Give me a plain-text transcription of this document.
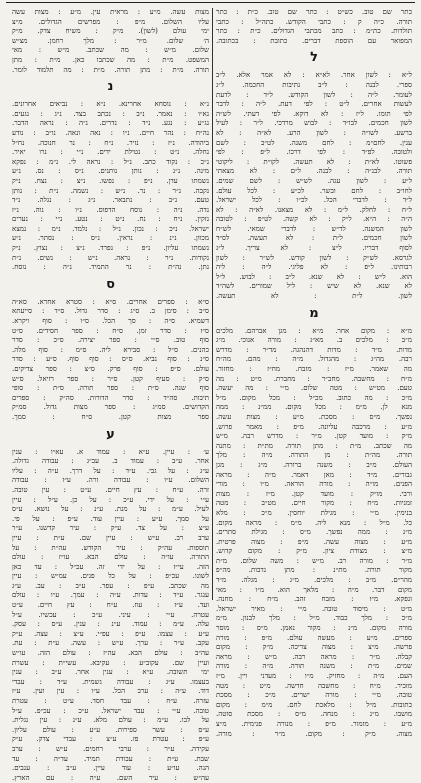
כתר שם טוב. כש״ט : כתר שם טוב. כ״ת : כתר
תורה. כ״ה ק : כתבי הקודש. כתה״ל : כתבי
תולדות. כת״מ : כתב מכתבי הגדולים. כ״ת : כתר
המפואר עם הוספת דברים. כתובת : בכתובה.
ל
ל״א : לשון אחר. לא״א : לא אמר אלא. ל״ב
ספרי. לבנה : ל״ב נתיבות החכמה. ל״ג
לעומר. ל״ה : לשון הקודש. ל״ד : לדעת
לעשות אחרים. ל״ט : לפי דעת. ל״ה : לדבר
לפי תומו. ל״ז : לא דוקא. לפי דעתי. לש״ה
לשון חכמים. לבו״ד : לבוש מרדכי. ל״ר : לעיל
ברשע. לשו״ה : לשון הרע. לא״ה : לא
ענין. לחם״מ : לחם משנה. לט״ב : לשם
ולטובה. לפ״ד : לפי דרכו. ל״פ : לפי
פשוטו. לא״ת : לא תעשה. לקו״ת : ליקוטי
תורה. לבנ״ה : לבנה. ל״ם : לא מצאתי
ל״ע : לשון עגה. לש״ש : לשם שמים.
לחו״ב : לחם ובשר. לכ״ע : לכל עולם.
ל״ד : לדברי הכל. לכ״ו : לכל ישראל.
ל״ח : לחלק. ל״מ : לא מצאנו. לא״ה : לא
ה״ה : ה״א. ל״ק : לא קשה. לט״פ : לטובה
לשון המשנה. לד״ש : לדברי שמאי. לש״ח
לשון חכמים. ל״ת : לא תעשה. לס״ד
לסוף דבריו. ל״צ : לא צריך. ל״ג
לגרסא. לש״ק : לשון קודש. לש״ר : לשון
רבותינו. ל״פ : לא פליגי. ל״ה : ליה
הוא. ל״ש : לא שנא. ל״ב : לבוש. ל״ל
לא שנא. לא שיש : ליל שמורים. לשה״ד
לשון. ל״ת : לא תעשה.
מ
מ״א : מקום אחר. מ״א : מגן אברהם. מלכים
מ״ב : מלכים ב. מא״ג : מורה אנוכי. מ״ג
מדות. מ״ד : מדות דהנהגה. מד״ר : מדרש
רבה. מה״ג : מהגדול. מ״ה : מהם. מה״ח
מה שאמר. מ״ז : מזבח. מח״ז : מחזור.
מ״ח : מחשבה. מחב״ר : מחברת. מ״ט : מה
טעם. מט״ש : מטה שלום. מ״י : מה יעשה.
מ״כ : מה כתוב. מכ״ל : מכל מקום. מ״ל
מנא לן. מ״מ : מכל מקום. ממ״נ : ממה
נפשך. מ״ס : מסכת. מ״ע : מצות עשה.
מ״ע : מרכבה עליונה. מ״פ : מאמר פרוש.
מ״ק : מועד קטן. מ״ר : מדרש רבה. מ״ש
מה שכתב. מ״ת : מתן תורה. מת״ת : מתנה
תורה. מה״ת : מן התורה. מ״ה : מלך
העולם. מ״ב : משנה ברורה. מ״ג : מגן
גבורים. מ״ד : מאן דאמר. מ״ה : מראה
הפנים. מו״ה : מורה הוראה. מ״ו : מורי
ורבי. מו״ק : מועד קטן. מ״ז : מצות
זמניות. מ״ח : מקור חיים. מט״ב : מטה
בנימין. מ״י : מגילת יוחסין. מ״כ : מלא
כל. מ״ל : מנא ליה. מ״מ : מראה מקום.
מ״נ : ממה נפשך. מ״ס : מגילת סתרים.
מ״ע : מצוה עשה. מ״פ : מצוה פרטית.
מ״צ : מצודת ציון. מ״ק : מקום קדוש.
מ״ר : מורה רב. מ״ש : משה שלום. מ״ת
מקור תורה. מת״נ : מתן נדבות. מה״פ
מהר״ם. מ״ב : מלכים. מ״ג : מגלה. מ״ד
מקום דבר. מ״ה : מלאך הוא. מ״ו : מאי
ונפקא. מ״ז : מזבח זהב. מ״ח : מחנה.
מ״ט : מיסוד טובה. מ״י : מאיר ישראל.
מ״כ : מלך כבוד. מ״ל : מלך לבנון. מ״מ
מורה מקום. מ״נ : מקור נאמן. מ״ס : מוסר
ספרים. מ״ע : מעשה עולם. מ״פ : מורה
פרשה. מ״צ : מצוה צריכה. מ״ק : מקום
קבלה. מ״ר : מראה רבה. מ״ש : מראה
שמים. מ״ת : משנה תורה. מ״ה : מורה
העם. מ״ה : מחזיק. מ״ו : מעדני ויין. מ״ז
מזכיר. מ״ח : מחשבה חדשה. מ״ט : מטה
טובה. מ״י : מורה ישרים. מ״כ : מסכת
כתובות. מ״ל : מלאכת לחם. מ״מ : מקום
מושבו. מ״נ : מנחה. מ״ס : מסכת סוטה.
מ״ע : מזמור. מ״פ : מנורה פנימית. מ״צ
מצוה. מ״ק : מקום. מ״ר : מורה.
מצות עשה. מ״ע : מראית עין. מ״ע : מצות עשה
עליו השלום. מ״פ : מפרשים הגדולים. מ״צ
ימי עולם (לשון). מ״ק : משיח צדק. מ״ק
ה׳ שלום. מ״ר : מלך רחמן. מצ״ש
שלום. מ״ש : מה שכתב. מ״ש : מאי
המשפט. מ״ת : מה שכתבו כאן. מ״ת : מתן
תורה. מ״ת : מתן תורה. מ״ת : מה תלמוד לומר.
נ
נ״א : נוסחא אחרינא. נ״א : נביאים אחרונים.
נא״ו : נאמר. נ״ב : נכתב בצד. נ״ג : נגעים.
נג״ע : נגע. נ״ד : נדרים. נ״ה : נראה הדבר.
נה״ח : נהר חיים. נ״ו : נאה ונאה. נו״ב : נודע
ביהודה. נ״ז : נזיר. נ״ח : נר חנוכה. נח״ל
נחלה. נ״ט : נטילת ידים. נ״י : נרו יאיר.
נ״כ : נקוד כתב. נ״ל : נראה לי. נ״מ : נפקא
מינה. נ״נ : נותן נותנים. נ״ס : נס. נ״ע
נשמתו עדן. נ״פ : נפשו. נ״צ : נצח. נ״ק
נקבה. נ״ר : נר. נ״ש : נשמה. נ״ת : נותן
טעם. נ״ב : נתבאר. נ״ג : נגלה. נ״ד
נדה. נ״ה : נוסח הדפוס. נ״ו : נוה. נ״ז
נזקין. נ״ח : נח. נ״ט : נטע. נ״י : נערים
ישראל. נ״כ : נכון. נ״ל : נלמד. נ״מ : נמצא
מכוון. נ״נ : נראין. נ״ס : נסתר. נ״ע
נשמתו עליון. נ״פ : נפרד. נ״צ : נצוץ. נ״ק
נקודות. נ״ר : נראה. נ״ש : נשים. נ״ת
נתן. נה״ת : נר התמיד. נ״ה : נוסח.
ס
ס״א : ספרים אחרים. ס״א : סטרא אחרא. סא״ה
ס״ב : סימן ב. ס״ג : סדר גדול. ס״ד : סייעתא
דשמיא. ס״ה : סך הכל. ס״ו : סוף ויקרא.
ס״ז : סדר זמן. ס״ח : ספר חסידים. ס״ט
סוף טוב. ס״י : ספר יצירה. ס״כ : סדר
כהנים. ס״ל : סבירא ליה. ס״מ : סוף מלה.
ס״נ : סוף נביא. ס״ס : סוף סוף. ס״ע : סדר
עולם. ס״פ : סוף פרק. ס״צ : ספר צדיקים.
ס״ק : סעיף קטן. ס״ר : ספר רזיאל. ס״ש
סוף שנה. ס״ת : ספר תורה. ס״ת : סופי
תיבות. סה״ד : סדר הדורות. סה״ק : ספרים
הקדושים. סמ״ג : ספר מצות גדול. סמ״ק
ספר מצות קטן. ס״ח : סמך.
ע
ע׳ : עיין. ע״א : עמוד א. עא״ו : ענין
אחר. ע״ב : עמוד ב. עב״ג : עבודה גדולה.
ע״ג : על גבי. ע״ד : על דרך. ע״ה : עליו
השלום. ע״ו : עבודה זרה. ע״ז : עבודה
זרה. ע״ח : עץ חיים. ע״ט : עין טובה.
ע״י : על ידי. ע״כ : על כן. ע״ל : עיין
לעיל. ע״מ : על מנת. ע״נ : על נושא. ע״ס
על סמך. ע״ע : עיין עוד. ע״פ : על פי.
ע״צ : על צד. ע״ק : עיר קדשנו. ע״ר
ערב רב. ע״ש : עיין שם. ע״ת : עיין
תוספות. עה״ק : עיר הקודש. עה״ת : על
התורה. עו״ה : עולם הבא. עו״ז : עולם
הזה. עי״ז : על ידי זה. עכ״ל : עד כאן
לשונו. עכ״פ : על כל פנים. עמ״ש : עיין
מה שכתב. ע״פ : עפר. ע״ב : עב. ע״ג
ענגר. ע״ד : עדות. ע״ה : עמך. ע״ו : עולם
ועד. ע״ז : עוז. ע״ח : עץ חיים. ע״ט
עטרה. ע״י : עיני. ע״כ : עכשיו. ע״ל
עלה. ע״מ : עמוד. ע״נ : ענין. ע״ס : עסק.
ע״ע : עצמו. ע״פ : עפ״י. ע״צ : עצה. ע״ק
עקב. ע״ר : ערך. ע״ש : עשה. ע״ת : עת.
עה״ב : עולם הבא. עה״ז : עולם הזה. עו״ש
ועיין שם. עקוב״ע : עקיבא. עשי״ת : עשרת
ימי תשובה. ע״א : ענין אחר. ע״ב : ענין
בעצמו. ע״ג : עבודה גשמית. ע״ד : עבדי
דוד. ע״ה : ערב הכל. ע״ו : עין ועין. ע״ז
עזרה. ע״ח : עבד חסד. ע״ט : עטרת
טובה. ע״י : עבד ישראל. ע״כ : עכ״פ. ע״ל
על לבו. ע״מ : עולם מלא. ע״נ : עין נגלית.
ע״ס : עשר ספירות. ע״ע : עולם עליון.
ע״פ : עטרת פז. ע״צ : עבדי צדק. ע״ק
עקידה. ע״ר : ערבי רחמים. ע״ש : ערב
שבת. ע״ת : עבודת תמיד. עד״ה : עד
הנה. עו״ע : עוד עיין. ע״ב : ענבים.
עה״ש : עיר השם. ע״ה : עם הארץ.
